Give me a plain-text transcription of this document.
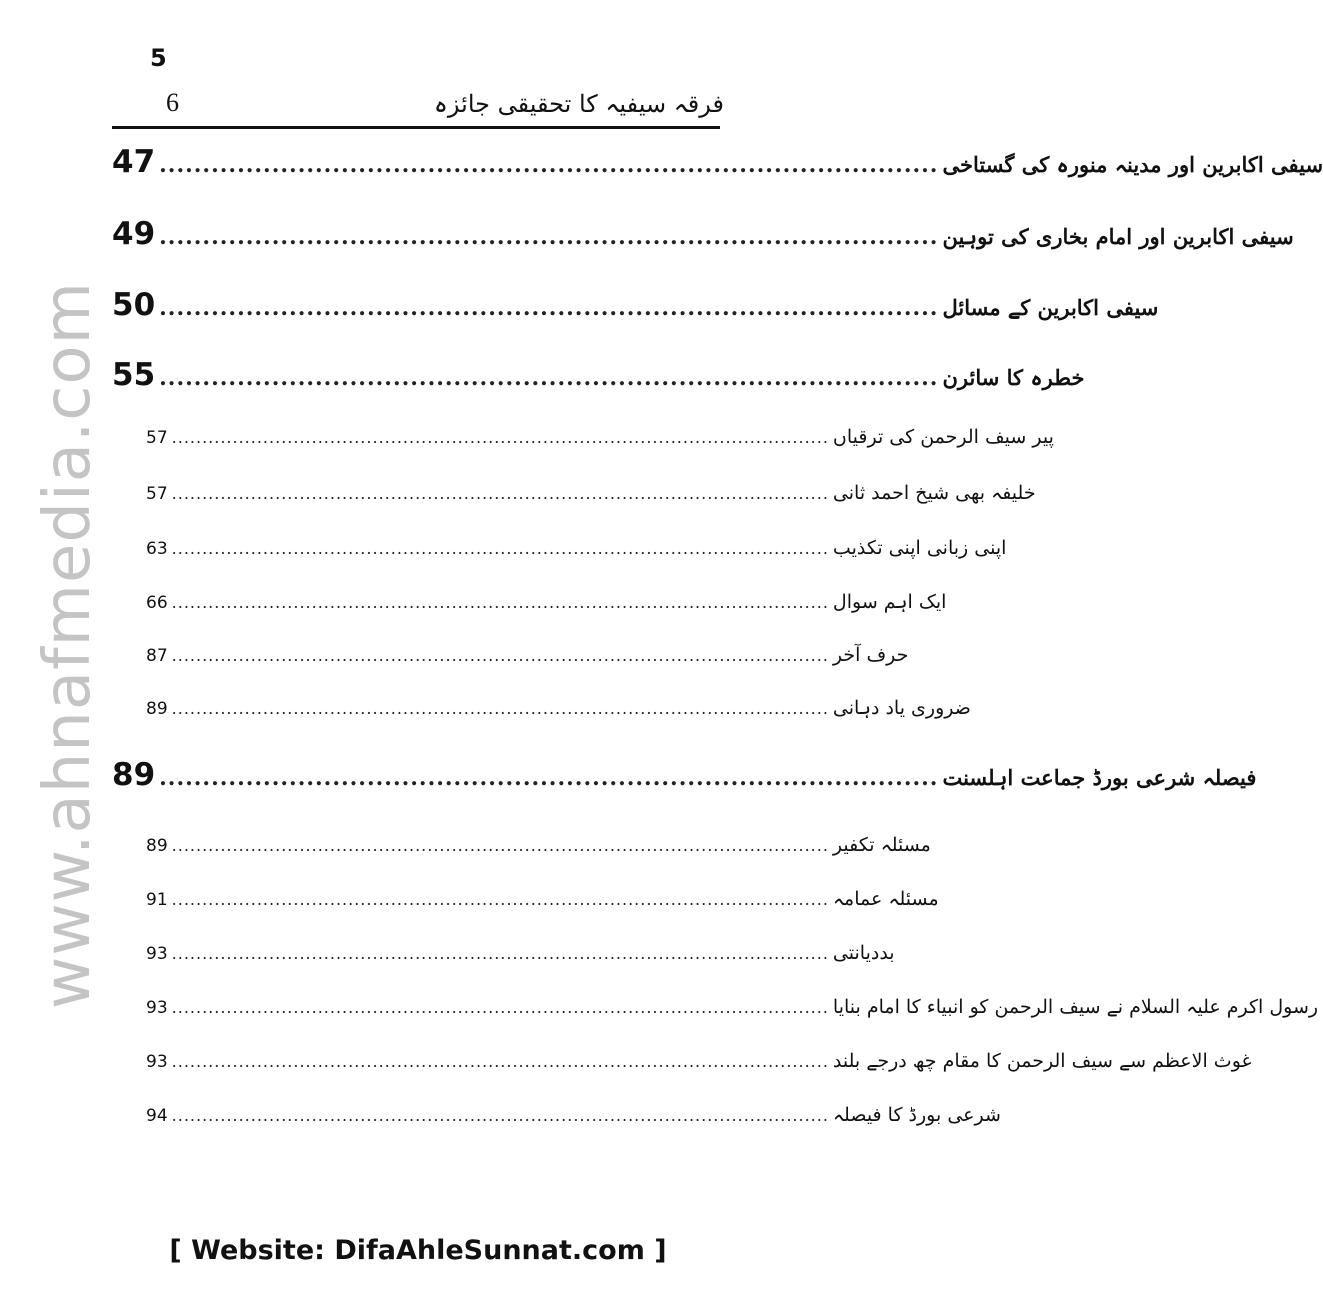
5
6	فرقہ سیفیہ کا تحقیقی جائزہ
www.ahnafmedia.com
47 .......................................................................................... سیفی اکابرین اور مدینہ منورہ کی گستاخی
49 .......................................................................................... سیفی اکابرین اور امام بخاری کی توہین
50 .......................................................................................... سیفی اکابرین کے مسائل
55 .......................................................................................... خطرہ کا سائرن
57 ............................................................................................................ پیر سیف الرحمن کی ترقیاں
57 ............................................................................................................ خلیفہ بھی شیخ احمد ثانی
63 ............................................................................................................ اپنی زبانی اپنی تکذیب
66 ............................................................................................................ ایک اہم سوال
87 ............................................................................................................ حرف آخر
89 ............................................................................................................ ضروری یاد دہانی
89 .......................................................................................... فیصلہ شرعی بورڈ جماعت اہلسنت
89 ............................................................................................................ مسئلہ تکفیر
91 ............................................................................................................ مسئلہ عمامہ
93 ............................................................................................................ بددیانتی
93 ............................................................................................................ رسول اکرم علیہ السلام نے سیف الرحمن کو انبیاء کا امام بنایا
93 ............................................................................................................ غوث الاعظم سے سیف الرحمن کا مقام چھ درجے بلند
94 ............................................................................................................ شرعی بورڈ کا فیصلہ
[ Website: DifaAhleSunnat.com ]
